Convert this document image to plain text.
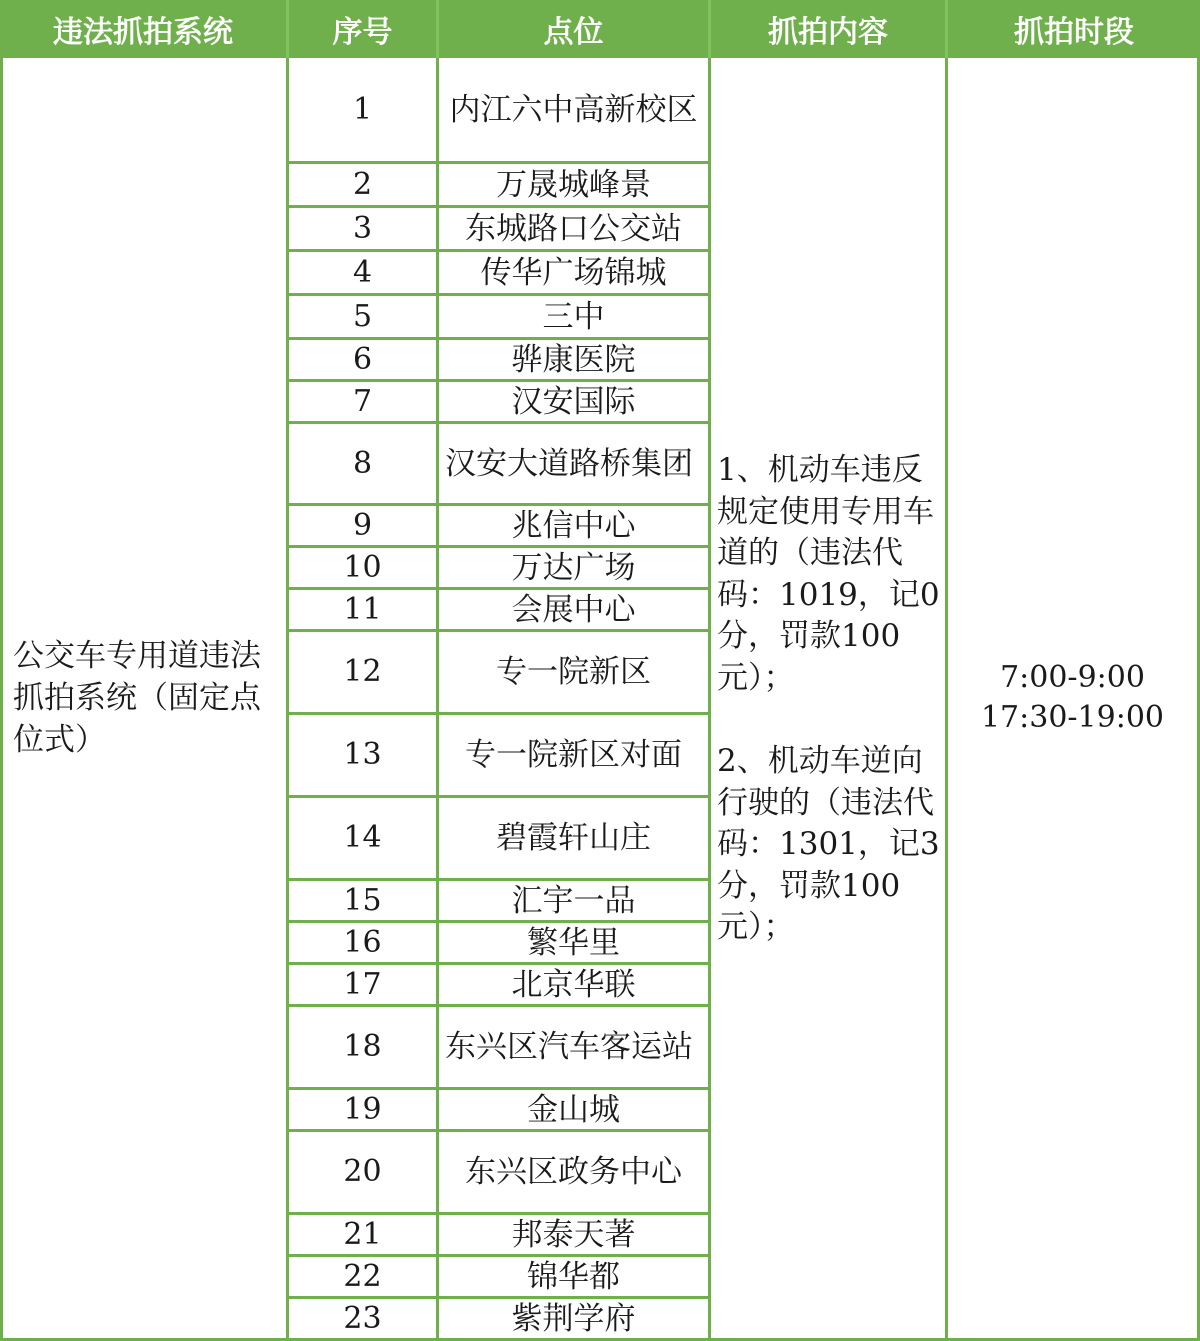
违法抓拍系统	序号	点位	抓拍内容	抓拍时段
公交车专用道违法抓拍系统（固定点位式）
1、机动车违反规定使用专用车道的（违法代码：1019，记0分，罚款100元）；
2、机动车逆向行驶的（违法代码：1301，记3分，罚款100元）；
7:00-9:00
17:30-19:00
1	内江六中高新校区
2	万晟城峰景
3	东城路口公交站
4	传华广场锦城
5	三中
6	骅康医院
7	汉安国际
8	汉安大道路桥集团
9	兆信中心
10	万达广场
11	会展中心
12	专一院新区
13	专一院新区对面
14	碧霞轩山庄
15	汇宇一品
16	繁华里
17	北京华联
18	东兴区汽车客运站
19	金山城
20	东兴区政务中心
21	邦泰天著
22	锦华都
23	紫荆学府
